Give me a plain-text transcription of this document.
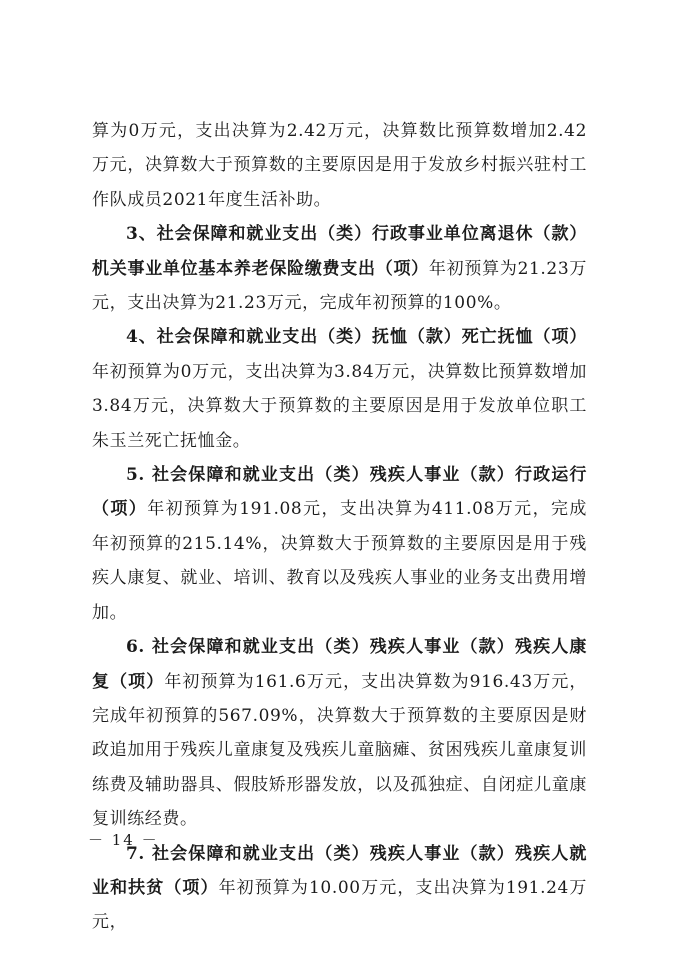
算为0万元，支出决算为2.42万元，决算数比预算数增加2.42万元，决算数大于预算数的主要原因是用于发放乡村振兴驻村工作队成员2021年度生活补助。

3、社会保障和就业支出（类）行政事业单位离退休（款）机关事业单位基本养老保险缴费支出（项）年初预算为21.23万元，支出决算为21.23万元，完成年初预算的100%。

4、社会保障和就业支出（类）抚恤（款）死亡抚恤（项）年初预算为0万元，支出决算为3.84万元，决算数比预算数增加3.84万元，决算数大于预算数的主要原因是用于发放单位职工朱玉兰死亡抚恤金。

5. 社会保障和就业支出（类）残疾人事业（款）行政运行（项）年初预算为191.08元，支出决算为411.08万元，完成年初预算的215.14%，决算数大于预算数的主要原因是用于残疾人康复、就业、培训、教育以及残疾人事业的业务支出费用增加。

6. 社会保障和就业支出（类）残疾人事业（款）残疾人康复（项）年初预算为161.6万元，支出决算数为916.43万元，完成年初预算的567.09%，决算数大于预算数的主要原因是财政追加用于残疾儿童康复及残疾儿童脑瘫、贫困残疾儿童康复训练费及辅助器具、假肢矫形器发放，以及孤独症、自闭症儿童康复训练经费。

7. 社会保障和就业支出（类）残疾人事业（款）残疾人就业和扶贫（项）年初预算为10.00万元，支出决算为191.24万元，

－ 14 －
